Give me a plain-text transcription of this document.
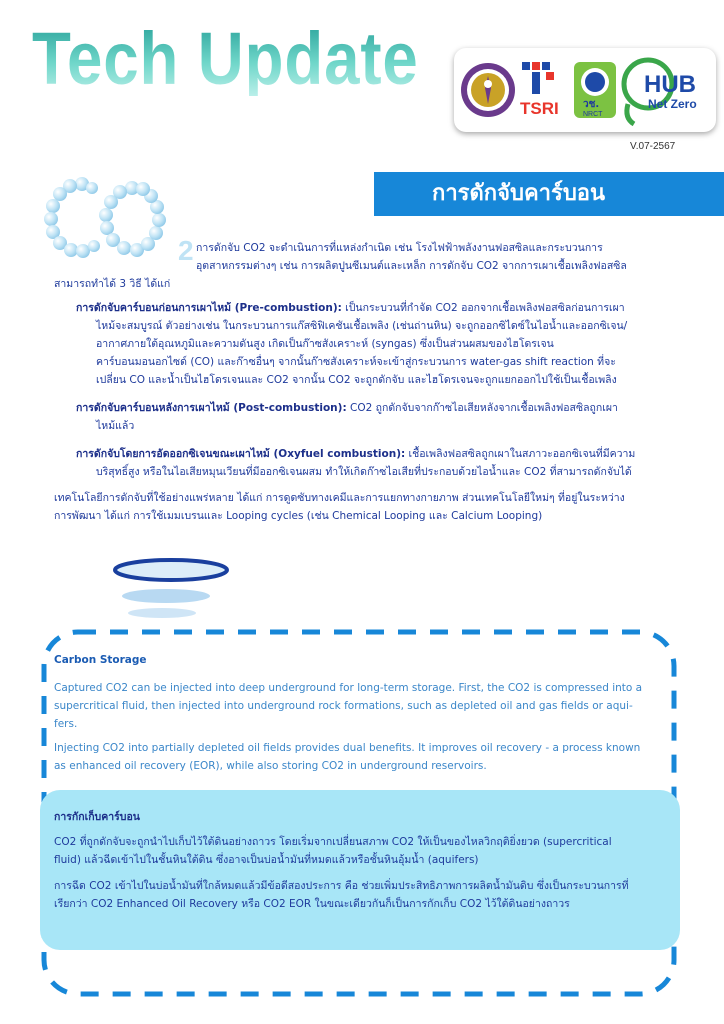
Tech Update
TSRI วช.
NRCT
HUB
Net Zero
V.07-2567
การดักจับคาร์บอน
2 การดักจับ CO2 จะดำเนินการที่แหล่งกำเนิด เช่น โรงไฟฟ้าพลังงานฟอสซิลและกระบวนการ

อุตสาหกรรมต่างๆ เช่น การผลิตปูนซีเมนต์และเหล็ก การดักจับ CO2 จากการเผาเชื้อเพลิงฟอสซิล

สามารถทำได้ 3 วิธี ได้แก่

การดักจับคาร์บอนก่อนการเผาไหม้ (Pre-combustion): เป็นกระบวนที่กำจัด CO2 ออกจากเชื้อเพลิงฟอสซิลก่อนการเผา

ไหม้จะสมบูรณ์ ตัวอย่างเช่น ในกระบวนการแก๊สซิฟิเคชันเชื้อเพลิง (เช่นถ่านหิน) จะถูกออกซิไดซ์ในไอน้ำและออกซิเจน/

อากาศภายใต้อุณหภูมิและความดันสูง เกิดเป็นก๊าซสังเคราะห์ (syngas) ซึ่งเป็นส่วนผสมของไฮโดรเจน

คาร์บอนมอนอกไซด์ (CO) และก๊าซอื่นๆ จากนั้นก๊าซสังเคราะห์จะเข้าสู่กระบวนการ water-gas shift reaction ที่จะ

เปลี่ยน CO และน้ำเป็นไฮโดรเจนและ CO2 จากนั้น CO2 จะถูกดักจับ และไฮโดรเจนจะถูกแยกออกไปใช้เป็นเชื้อเพลิง

การดักจับคาร์บอนหลังการเผาไหม้ (Post-combustion): CO2 ถูกดักจับจากก๊าซไอเสียหลังจากเชื้อเพลิงฟอสซิลถูกเผา

ไหม้แล้ว

การดักจับโดยการอัดออกซิเจนขณะเผาไหม้ (Oxyfuel combustion): เชื้อเพลิงฟอสซิลถูกเผาในสภาวะออกซิเจนที่มีความ

บริสุทธิ์สูง หรือในไอเสียหมุนเวียนที่มีออกซิเจนผสม ทำให้เกิดก๊าซไอเสียที่ประกอบด้วยไอน้ำและ CO2 ที่สามารถดักจับได้

เทคโนโลยีการดักจับที่ใช้อย่างแพร่หลาย ได้แก่ การดูดซับทางเคมีและการแยกทางกายภาพ ส่วนเทคโนโลยีใหม่ๆ ที่อยู่ในระหว่าง

การพัฒนา ได้แก่ การใช้เมมเบรนและ Looping cycles (เช่น Chemical Looping และ Calcium Looping)

Carbon Storage

Captured CO2 can be injected into deep underground for long-term storage. First, the CO2 is compressed into a

supercritical fluid, then injected into underground rock formations, such as depleted oil and gas fields or aqui-

fers.

Injecting CO2 into partially depleted oil fields provides dual benefits. It improves oil recovery - a process known

as enhanced oil recovery (EOR), while also storing CO2 in underground reservoirs.

การกักเก็บคาร์บอน

CO2 ที่ถูกดักจับจะถูกนำไปเก็บไว้ใต้ดินอย่างถาวร โดยเริ่มจากเปลี่ยนสภาพ CO2 ให้เป็นของไหลวิกฤติยิ่งยวด (supercritical

fluid) แล้วฉีดเข้าไปในชั้นหินใต้ดิน ซึ่งอาจเป็นบ่อน้ำมันที่หมดแล้วหรือชั้นหินอุ้มน้ำ (aquifers)

การฉีด CO2 เข้าไปในบ่อน้ำมันที่ใกล้หมดแล้วมีข้อดีสองประการ คือ ช่วยเพิ่มประสิทธิภาพการผลิตน้ำมันดิบ ซึ่งเป็นกระบวนการที่

เรียกว่า CO2 Enhanced Oil Recovery หรือ CO2 EOR ในขณะเดียวกันก็เป็นการกักเก็บ CO2 ไว้ใต้ดินอย่างถาวร
